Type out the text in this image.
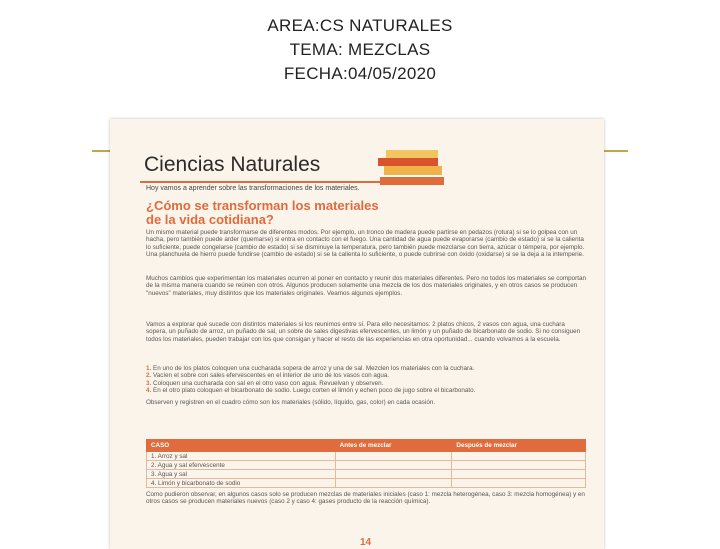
AREA:CS NATURALES
TEMA: MEZCLAS
FECHA:04/05/2020
Ciencias Naturales
Hoy vamos a aprender sobre las transformaciones de los materiales.
¿Cómo se transforman los materiales
de la vida cotidiana?
Un mismo material puede transformarse de diferentes modos. Por ejemplo, un tronco de madera puede partirse en pedazos (rotura) si se lo golpea con un hacha, pero también puede arder (quemarse) si entra en contacto con el fuego. Una cantidad de agua puede evaporarse (cambio de estado) si se la calienta lo suficiente, puede congelarse (cambio de estado) si se disminuye la temperatura, pero también puede mezclarse con tierra, azúcar o témpera, por ejemplo. Una planchuela de hierro puede fundirse (cambio de estado) si se la calienta lo suficiente, o puede cubrirse con óxido (oxidarse) si se la deja a la intemperie.
Muchos cambios que experimentan los materiales ocurren al poner en contacto y reunir dos materiales diferentes. Pero no todos los materiales se comportan de la misma manera cuando se reúnen con otros. Algunos producen solamente una mezcla de los dos materiales originales, y en otros casos se producen "nuevos" materiales, muy distintos que los materiales originales. Veamos algunos ejemplos.
Vamos a explorar qué sucede con distintos materiales si los reunimos entre sí. Para ello necesitamos: 2 platos chicos, 2 vasos con agua, una cuchara sopera, un puñado de arroz, un puñado de sal, un sobre de sales digestivas efervescentes, un limón y un puñado de bicarbonato de sodio. Si no consiguen todos los materiales, pueden trabajar con los que consigan y hacer el resto de las experiencias en otra oportunidad... cuando volvamos a la escuela.
1. En uno de los platos coloquen una cucharada sopera de arroz y una de sal. Mezclen los materiales con la cuchara.
2. Vacíen el sobre con sales efervescentes en el interior de uno de los vasos con agua.
3. Coloquen una cucharada con sal en el otro vaso con agua. Revuelvan y observen.
4. En el otro plato coloquen el bicarbonato de sodio. Luego corten el limón y echen poco de jugo sobre el bicarbonato.
Observen y registren en el cuadro cómo son los materiales (sólido, líquido, gas, color) en cada ocasión.
CASO	Antes de mezclar	Después de mezclar
1. Arroz y sal		
2. Agua y sal efervescente		
3. Agua y sal		
4. Limón y bicarbonato de sodio		
Como pudieron observar, en algunos casos solo se producen mezclas de materiales iniciales (caso 1: mezcla heterogénea, caso 3: mezcla homogénea) y en otros casos se producen materiales nuevos (caso 2 y caso 4: gases producto de la reacción química).
14
